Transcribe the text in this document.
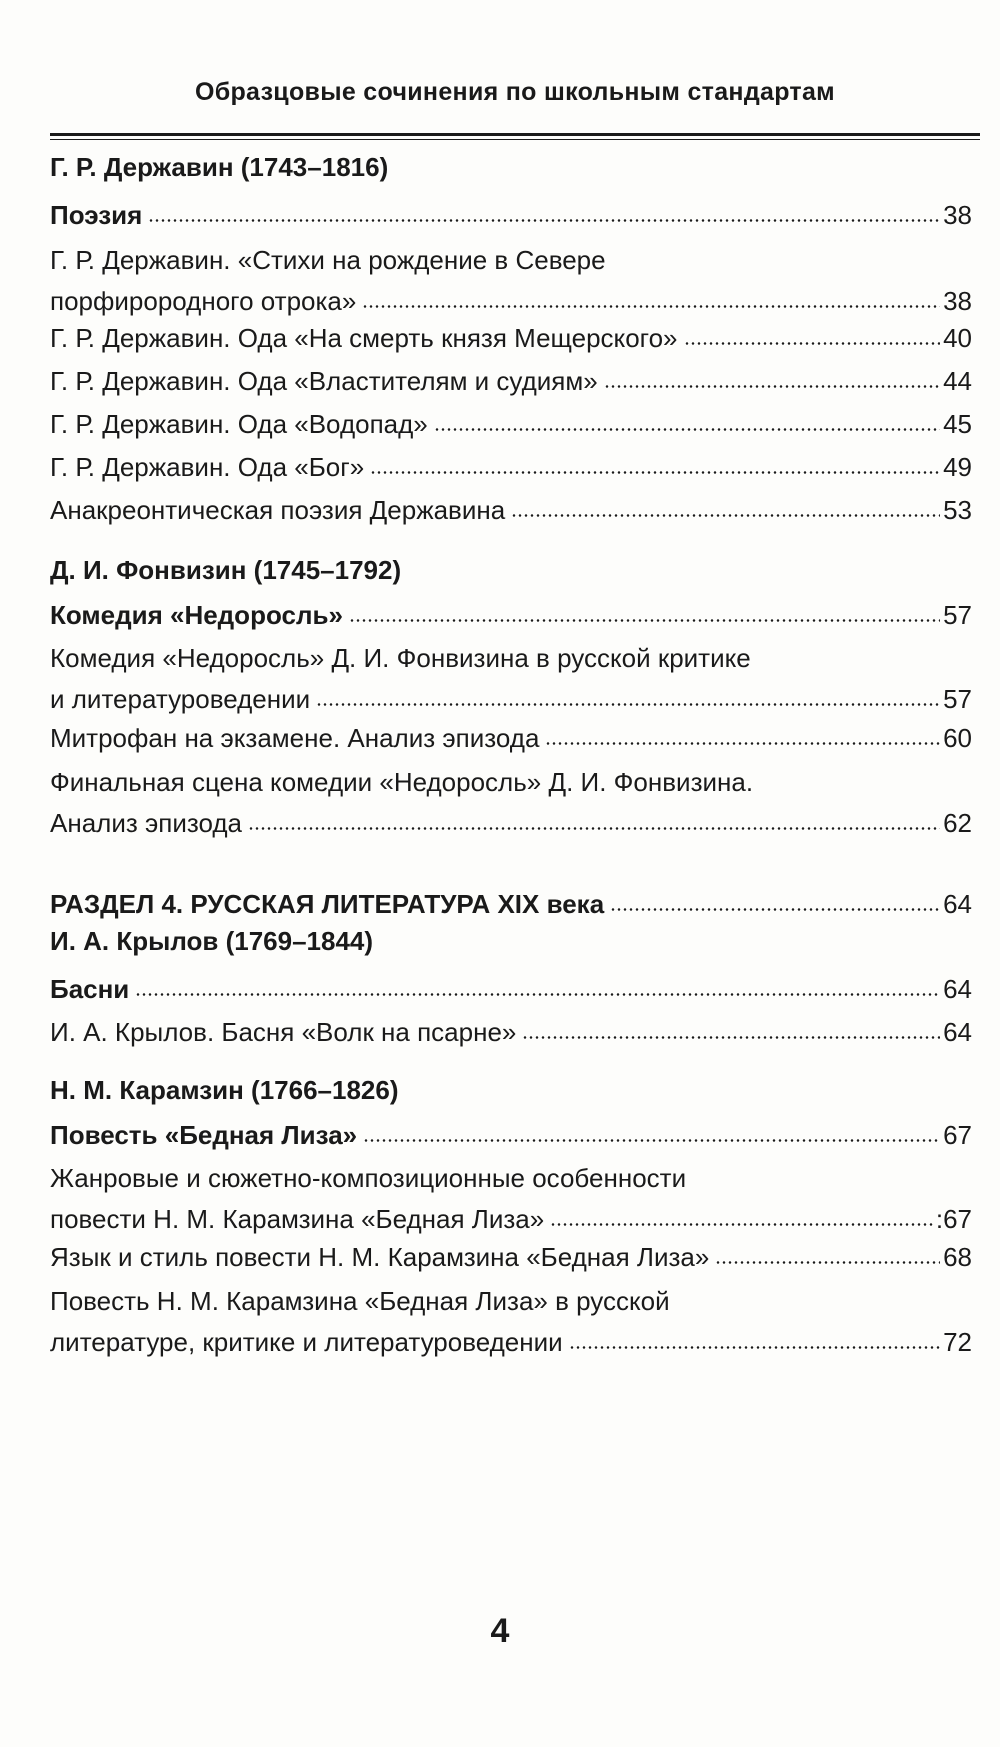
Образцовые сочинения по школьным стандартам
Г. Р. Державин (1743–1816)
Поэзия	38
Г. Р. Державин. «Стихи на рождение в Севере
порфирородного отрока»	38
Г. Р. Державин. Ода «На смерть князя Мещерского»	40
Г. Р. Державин. Ода «Властителям и судиям»	44
Г. Р. Державин. Ода «Водопад»	45
Г. Р. Державин. Ода «Бог»	49
Анакреонтическая поэзия Державина	53
Д. И. Фонвизин (1745–1792)
Комедия «Недоросль»	57
Комедия «Недоросль» Д. И. Фонвизина в русской критике
и литературоведении	57
Митрофан на экзамене. Анализ эпизода	60
Финальная сцена комедии «Недоросль» Д. И. Фонвизина.
Анализ эпизода	62
РАЗДЕЛ 4. РУССКАЯ ЛИТЕРАТУРА XIX века	64
И. А. Крылов (1769–1844)
Басни	64
И. А. Крылов. Басня «Волк на псарне»	64
Н. М. Карамзин (1766–1826)
Повесть «Бедная Лиза»	67
Жанровые и сюжетно-композиционные особенности
повести Н. М. Карамзина «Бедная Лиза»	:67
Язык и стиль повести Н. М. Карамзина «Бедная Лиза»	68
Повесть Н. М. Карамзина «Бедная Лиза» в русской
литературе, критике и литературоведении	72
4
